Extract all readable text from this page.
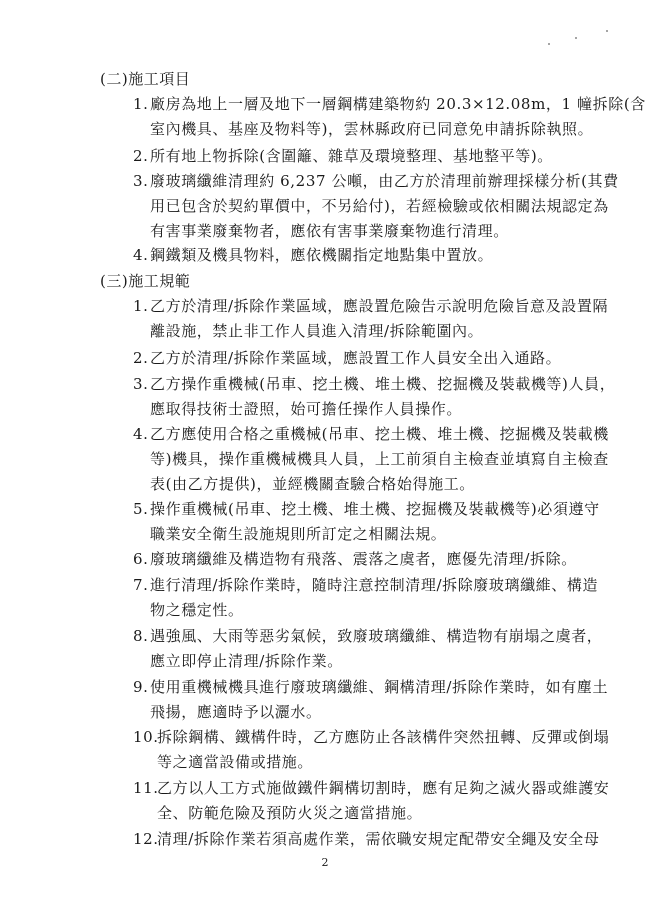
(二)施工項目
1. 廠房為地上一層及地下一層鋼構建築物約 20.3×12.08m，1 幢拆除(含
室內機具、基座及物料等)，雲林縣政府已同意免申請拆除執照。
2. 所有地上物拆除(含圍籬、雜草及環境整理、基地整平等)。
3. 廢玻璃纖維清理約 6,237 公噸，由乙方於清理前辦理採樣分析(其費
用已包含於契約單價中，不另給付)，若經檢驗或依相關法規認定為
有害事業廢棄物者，應依有害事業廢棄物進行清理。
4. 鋼鐵類及機具物料，應依機關指定地點集中置放。
(三)施工規範
1. 乙方於清理/拆除作業區域，應設置危險告示說明危險旨意及設置隔
離設施，禁止非工作人員進入清理/拆除範圍內。
2. 乙方於清理/拆除作業區域，應設置工作人員安全出入通路。
3. 乙方操作重機械(吊車、挖土機、堆土機、挖掘機及裝載機等)人員，
應取得技術士證照，始可擔任操作人員操作。
4. 乙方應使用合格之重機械(吊車、挖土機、堆土機、挖掘機及裝載機
等)機具，操作重機械機具人員，上工前須自主檢查並填寫自主檢查
表(由乙方提供)，並經機關查驗合格始得施工。
5. 操作重機械(吊車、挖土機、堆土機、挖掘機及裝載機等)必須遵守
職業安全衛生設施規則所訂定之相關法規。
6. 廢玻璃纖維及構造物有飛落、震落之虞者，應優先清理/拆除。
7. 進行清理/拆除作業時，隨時注意控制清理/拆除廢玻璃纖維、構造
物之穩定性。
8. 遇強風、大雨等惡劣氣候，致廢玻璃纖維、構造物有崩塌之虞者，
應立即停止清理/拆除作業。
9. 使用重機械機具進行廢玻璃纖維、鋼構清理/拆除作業時，如有塵土
飛揚，應適時予以灑水。
10.
拆除鋼構、鐵構件時，乙方應防止各該構件突然扭轉、反彈或倒塌
等之適當設備或措施。
11.
乙方以人工方式施做鐵件鋼構切割時，應有足夠之滅火器或維護安
全、防範危險及預防火災之適當措施。
12.
清理/拆除作業若須高處作業，需依職安規定配帶安全繩及安全母
2
